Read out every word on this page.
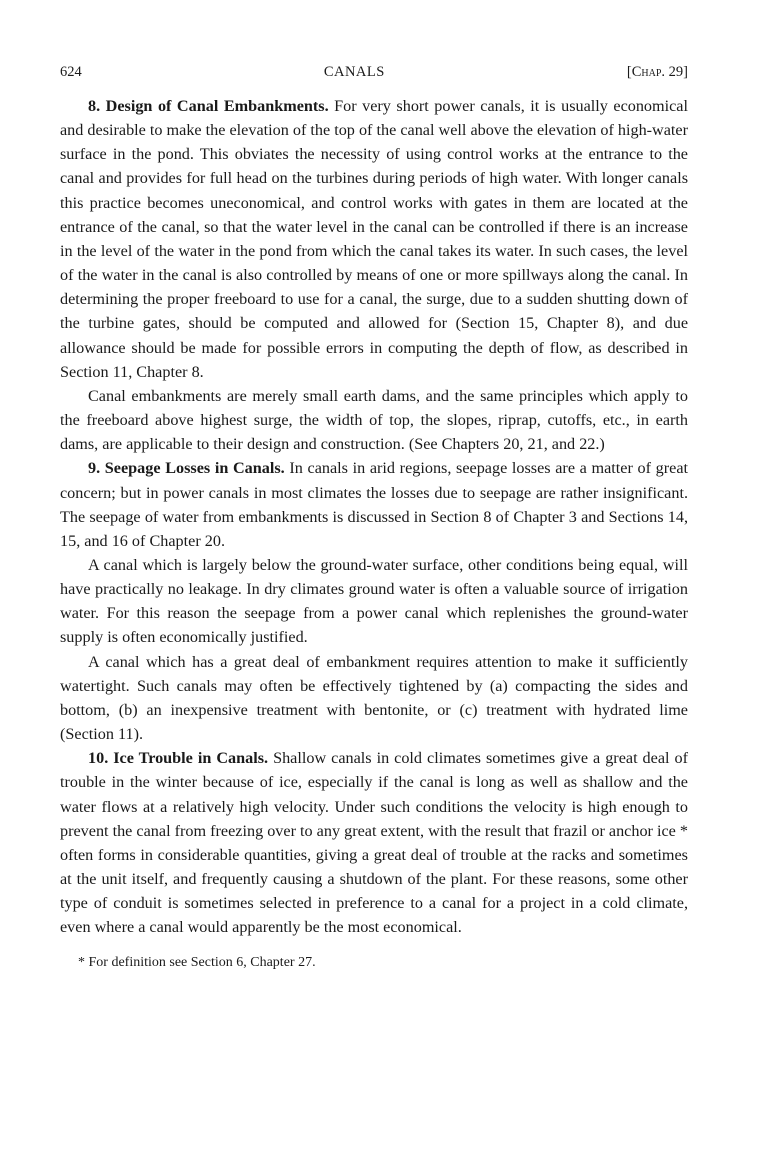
624	CANALS	[Chap. 29]

8. Design of Canal Embankments. For very short power canals, it is usually economical and desirable to make the elevation of the top of the canal well above the elevation of high-water surface in the pond. This obviates the necessity of using control works at the entrance to the canal and provides for full head on the turbines during periods of high water. With longer canals this practice becomes uneconomical, and control works with gates in them are located at the entrance of the canal, so that the water level in the canal can be controlled if there is an increase in the level of the water in the pond from which the canal takes its water. In such cases, the level of the water in the canal is also controlled by means of one or more spillways along the canal. In determining the proper freeboard to use for a canal, the surge, due to a sudden shutting down of the turbine gates, should be computed and allowed for (Section 15, Chapter 8), and due allowance should be made for possible errors in computing the depth of flow, as described in Section 11, Chapter 8.

Canal embankments are merely small earth dams, and the same principles which apply to the freeboard above highest surge, the width of top, the slopes, riprap, cutoffs, etc., in earth dams, are applicable to their design and construction. (See Chapters 20, 21, and 22.)

9. Seepage Losses in Canals. In canals in arid regions, seepage losses are a matter of great concern; but in power canals in most climates the losses due to seepage are rather insignificant. The seepage of water from embankments is discussed in Section 8 of Chapter 3 and Sections 14, 15, and 16 of Chapter 20.

A canal which is largely below the ground-water surface, other conditions being equal, will have practically no leakage. In dry climates ground water is often a valuable source of irrigation water. For this reason the seepage from a power canal which replenishes the ground-water supply is often economically justified.

A canal which has a great deal of embankment requires attention to make it sufficiently watertight. Such canals may often be effectively tightened by (a) compacting the sides and bottom, (b) an inexpensive treatment with bentonite, or (c) treatment with hydrated lime (Section 11).

10. Ice Trouble in Canals. Shallow canals in cold climates sometimes give a great deal of trouble in the winter because of ice, especially if the canal is long as well as shallow and the water flows at a relatively high velocity. Under such conditions the velocity is high enough to prevent the canal from freezing over to any great extent, with the result that frazil or anchor ice * often forms in considerable quantities, giving a great deal of trouble at the racks and sometimes at the unit itself, and frequently causing a shutdown of the plant. For these reasons, some other type of conduit is sometimes selected in preference to a canal for a project in a cold climate, even where a canal would apparently be the most economical.

* For definition see Section 6, Chapter 27.
